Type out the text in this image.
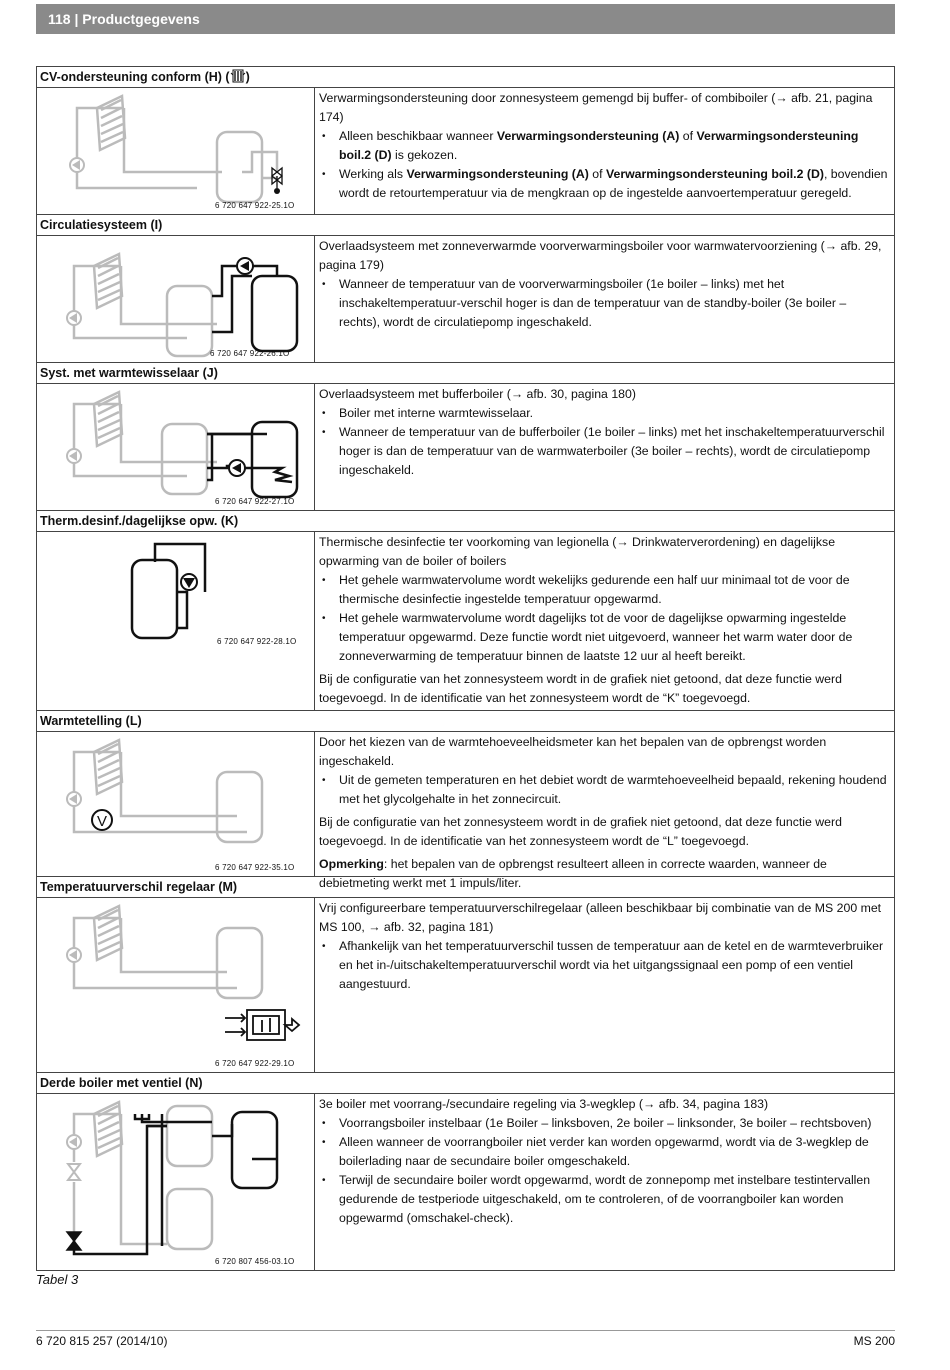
118 | Productgegevens
CV-ondersteuning conform (H) ( )
6 720 647 922-25.1O

Verwarmingsondersteuning door zonnesysteem gemengd bij buffer- of combiboiler (→ afb. 21, pagina 174)

• Alleen beschikbaar wanneer Verwarmingsondersteuning (A) of Verwarmingsondersteuning boil.2 (D) is gekozen.
• Werking als Verwarmingsondersteuning (A) of Verwarmingsondersteuning boil.2 (D), bovendien wordt de retourtemperatuur via de mengkraan op de ingestelde aanvoertemperatuur geregeld.
Circulatiesysteem (I)
6 720 647 922-26.1O

Overlaadsysteem met zonneverwarmde voorverwarmingsboiler voor warmwatervoorziening (→ afb. 29, pagina 179)

• Wanneer de temperatuur van de voorverwarmingsboiler (1e boiler – links) met het inschakeltemperatuur-verschil hoger is dan de temperatuur van de standby-boiler (3e boiler – rechts), wordt de circulatiepomp ingeschakeld.
Syst. met warmtewisselaar (J)
6 720 647 922-27.1O

Overlaadsysteem met bufferboiler (→ afb. 30, pagina 180)

• Boiler met interne warmtewisselaar.
• Wanneer de temperatuur van de bufferboiler (1e boiler – links) met het inschakeltemperatuurverschil hoger is dan de temperatuur van de warmwaterboiler (3e boiler – rechts), wordt de circulatiepomp ingeschakeld.
Therm.desinf./dagelijkse opw. (K)
6 720 647 922-28.1O

Thermische desinfectie ter voorkoming van legionella (→ Drinkwaterverordening) en dagelijkse opwarming van de boiler of boilers

• Het gehele warmwatervolume wordt wekelijks gedurende een half uur minimaal tot de voor de thermische desinfectie ingestelde temperatuur opgewarmd.
• Het gehele warmwatervolume wordt dagelijks tot de voor de dagelijkse opwarming ingestelde temperatuur opgewarmd. Deze functie wordt niet uitgevoerd, wanneer het warm water door de zonneverwarming de temperatuur binnen de laatste 12 uur al heeft bereikt.

Bij de configuratie van het zonnesysteem wordt in de grafiek niet getoond, dat deze functie werd toegevoegd. In de identificatie van het zonnesysteem wordt de “K” toegevoegd.

Warmtetelling (L)
V
6 720 647 922-35.1O

Door het kiezen van de warmtehoeveelheidsmeter kan het bepalen van de opbrengst worden ingeschakeld.

• Uit de gemeten temperaturen en het debiet wordt de warmtehoeveelheid bepaald, rekening houdend met het glycolgehalte in het zonnecircuit.

Bij de configuratie van het zonnesysteem wordt in de grafiek niet getoond, dat deze functie werd toegevoegd. In de identificatie van het zonnesysteem wordt de “L” toegevoegd.

Opmerking: het bepalen van de opbrengst resulteert alleen in correcte waarden, wanneer de debietmeting werkt met 1 impuls/liter.

Temperatuurverschil regelaar (M)
6 720 647 922-29.1O

Vrij configureerbare temperatuurverschilregelaar (alleen beschikbaar bij combinatie van de MS 200 met MS 100, → afb. 32, pagina 181)

• Afhankelijk van het temperatuurverschil tussen de temperatuur aan de ketel en de warmteverbruiker en het in-/uitschakeltemperatuurverschil wordt via het uitgangssignaal een pomp of een ventiel aangestuurd.
Derde boiler met ventiel (N)
6 720 807 456-03.1O

3e boiler met voorrang-/secundaire regeling via 3-wegklep (→ afb. 34, pagina 183)

• Voorrangsboiler instelbaar (1e Boiler – linksboven, 2e boiler – linksonder, 3e boiler – rechtsboven)
• Alleen wanneer de voorrangboiler niet verder kan worden opgewarmd, wordt via de 3-wegklep de boilerlading naar de secundaire boiler omgeschakeld.
• Terwijl de secundaire boiler wordt opgewarmd, wordt de zonnepomp met instelbare testintervallen gedurende de testperiode uitgeschakeld, om te controleren, of de voorrangboiler kan worden opgewarmd (omschakel-check).
Tabel 3
6 720 815 257 (2014/10)	MS 200
